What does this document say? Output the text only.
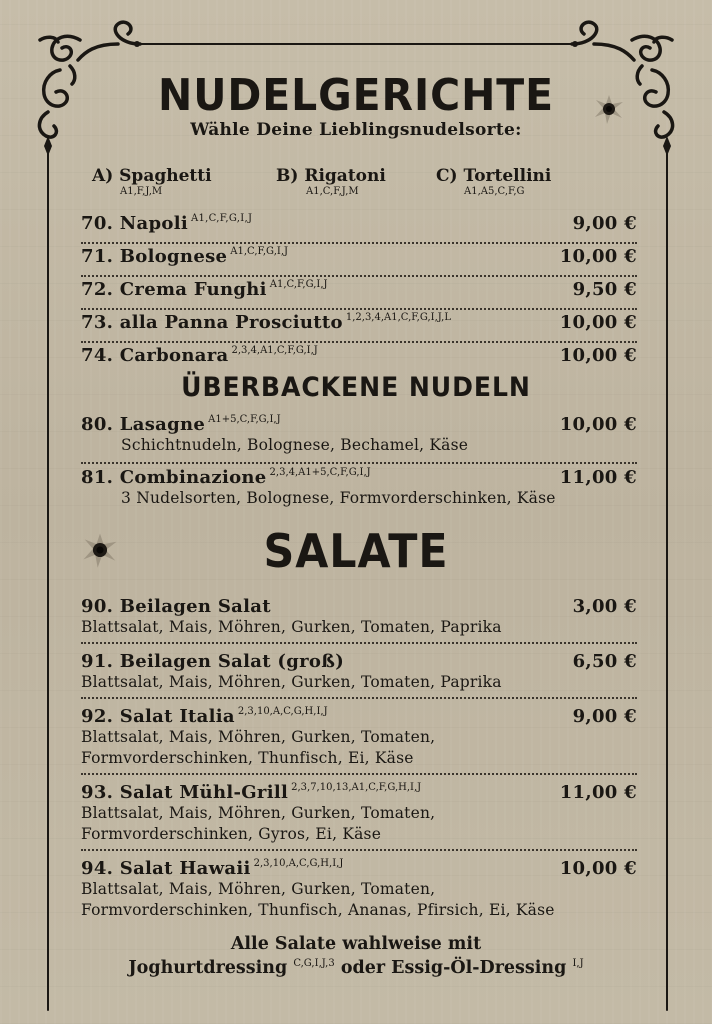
NUDELGERICHTE
Wähle Deine Lieblingsnudelsorte:
A) Spaghetti
A1,F,J,M
B) Rigatoni
A1,C,F,J,M
C) Tortellini
A1,A5,C,F,G
70. Napoli $^{A1,C,F,G,I,J}$	9,00 €
71. Bolognese $^{A1,C,F,G,I,J}$	10,00 €
72. Crema Funghi $^{A1,C,F,G,I,J}$	9,50 €
73. alla Panna Prosciutto $^{1,2,3,4,A1,C,F,G,I,J,L}$	10,00 €
74. Carbonara $^{2,3,4,A1,C,F,G,I,J}$	10,00 €
ÜBERBACKENE NUDELN
80. Lasagne $^{A1+5,C,F,G,I,J}$	10,00 €
Schichtnudeln, Bolognese, Bechamel, Käse
81. Combinazione $^{2,3,4,A1+5,C,F,G,I,J}$	11,00 €
3 Nudelsorten, Bolognese, Formvorderschinken, Käse
SALATE
90. Beilagen Salat	3,00 €
Blattsalat, Mais, Möhren, Gurken, Tomaten, Paprika
91. Beilagen Salat (groß)	6,50 €
Blattsalat, Mais, Möhren, Gurken, Tomaten, Paprika
92. Salat Italia $^{2,3,10,A,C,G,H,I,J}$	9,00 €
Blattsalat, Mais, Möhren, Gurken, Tomaten,
Formvorderschinken, Thunfisch, Ei, Käse
93. Salat Mühl-Grill $^{2,3,7,10,13,A1,C,F,G,H,I,J}$	11,00 €
Blattsalat, Mais, Möhren, Gurken, Tomaten,
Formvorderschinken, Gyros, Ei, Käse
94. Salat Hawaii $^{2,3,10,A,C,G,H,I,J}$	10,00 €
Blattsalat, Mais, Möhren, Gurken, Tomaten,
Formvorderschinken, Thunfisch, Ananas, Pfirsich, Ei, Käse
Alle Salate wahlweise mit
Joghurtdressing $^{C,G,I,J,3}$ oder Essig-Öl-Dressing $^{I,J}$
